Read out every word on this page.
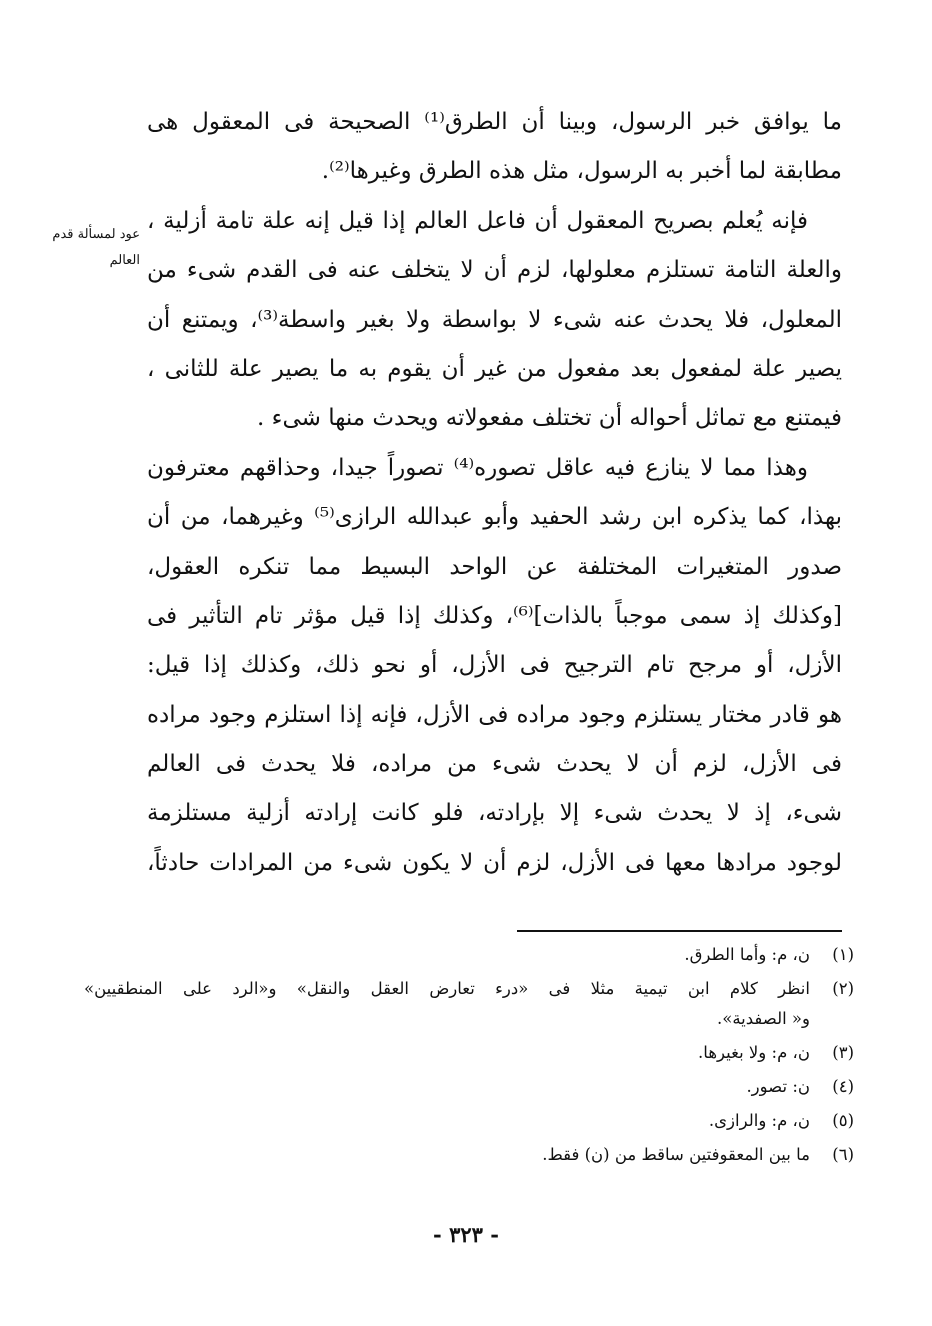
ما يوافق خبر الرسول، وبينا أن الطرق⁽¹⁾ الصحيحة فى المعقول هى
مطابقة لما أخبر به الرسول، مثل هذه الطرق وغيرها⁽²⁾.
فإنه يُعلم بصريح المعقول أن فاعل العالم إذا قيل إنه علة تامة أزلية ،
والعلة التامة تستلزم معلولها، لزم أن لا يتخلف عنه فى القدم شىء من
المعلول، فلا يحدث عنه شىء لا بواسطة ولا بغير واسطة⁽³⁾، ويمتنع أن
يصير علة لمفعول بعد مفعول من غير أن يقوم به ما يصير علة للثانى ،
فيمتنع مع تماثل أحواله أن تختلف مفعولاته ويحدث منها شىء .
وهذا مما لا ينازع فيه عاقل تصوره⁽⁴⁾ تصوراً جيدا، وحذاقهم معترفون
بهذا، كما يذكره ابن رشد الحفيد وأبو عبدالله الرازى⁽⁵⁾ وغيرهما، من أن
صدور المتغيرات المختلفة عن الواحد البسيط مما تنكره العقول،
[وكذلك إذ سمى موجباً بالذات]⁽⁶⁾، وكذلك إذا قيل مؤثر تام التأثير فى
الأزل، أو مرجح تام الترجيح فى الأزل، أو نحو ذلك، وكذلك إذا قيل:
هو قادر مختار يستلزم وجود مراده فى الأزل، فإنه إذا استلزم وجود مراده
فى الأزل، لزم أن لا يحدث شىء من مراده، فلا يحدث فى العالم
شىء، إذ لا يحدث شىء إلا بإرادته، فلو كانت إرادته أزلية مستلزمة
لوجود مرادها معها فى الأزل، لزم أن لا يكون شىء من المرادات حادثاً،
عود لمسألة قدم
العالم
(١)
ن، م: وأما الطرق.
(٢)
انظر كلام ابن تيمية مثلا فى «درء تعارض العقل والنقل» و«الرد على المنطقيين»
و« الصفدية».
(٣)
ن، م: ولا بغيرها.
(٤)
ن: تصور.
(٥)
ن، م: والرازى.
(٦)
ما بين المعقوفتين ساقط من (ن) فقط.
- ٣٢٣ -
